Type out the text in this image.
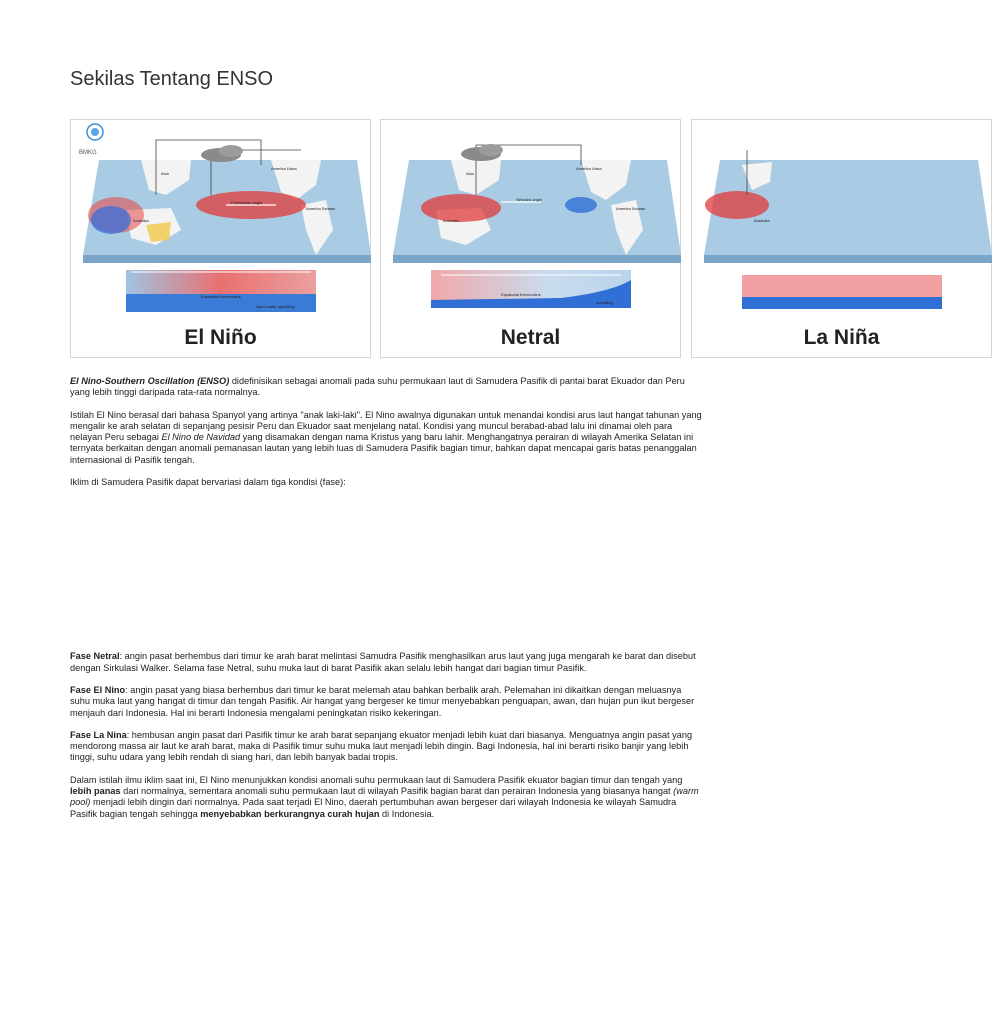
Sekilas Tentang ENSO
Australia
Amerika Selatan
Amerika Utara
Asia
Pelemahan angin
Equatorial thermocline
warm water upwelling
BMKG
El Niño
Australia
Amerika Selatan
Amerika Utara
Asia
Sirkulasi angin
Equatorial thermocline
upwelling
Netral
Australia
La Niña

El Nino-Southern Oscillation (ENSO) didefinisikan sebagai anomali pada suhu permukaan laut di Samudera Pasifik di pantai barat Ekuador dan Peru yang lebih tinggi daripada rata-rata normalnya.

Istilah El Nino berasal dari bahasa Spanyol yang artinya "anak laki-laki". El Nino awalnya digunakan untuk menandai kondisi arus laut hangat tahunan yang mengalir ke arah selatan di sepanjang pesisir Peru dan Ekuador saat menjelang natal. Kondisi yang muncul berabad-abad lalu ini dinamai oleh para nelayan Peru sebagai El Nino de Navidad yang disamakan dengan nama Kristus yang baru lahir. Menghangatnya perairan di wilayah Amerika Selatan ini ternyata berkaitan dengan anomali pemanasan lautan yang lebih luas di Samudera Pasifik bagian timur, bahkan dapat mencapai garis batas penanggalan internasional di Pasifik tengah.

Iklim di Samudera Pasifik dapat bervariasi dalam tiga kondisi (fase):

Fase Netral: angin pasat berhembus dari timur ke arah barat melintasi Samudra Pasifik menghasilkan arus laut yang juga mengarah ke barat dan disebut dengan Sirkulasi Walker. Selama fase Netral, suhu muka laut di barat Pasifik akan selalu lebih hangat dari bagian timur Pasifik.

Fase El Nino: angin pasat yang biasa berhembus dari timur ke barat melemah atau bahkan berbalik arah. Pelemahan ini dikaitkan dengan meluasnya suhu muka laut yang hangat di timur dan tengah Pasifik. Air hangat yang bergeser ke timur menyebabkan penguapan, awan, dan hujan pun ikut bergeser menjauh dari Indonesia. Hal ini berarti Indonesia mengalami peningkatan risiko kekeringan.

Fase La Nina: hembusan angin pasat dari Pasifik timur ke arah barat sepanjang ekuator menjadi lebih kuat dari biasanya. Menguatnya angin pasat yang mendorong massa air laut ke arah barat, maka di Pasifik timur suhu muka laut menjadi lebih dingin. Bagi Indonesia, hal ini berarti risiko banjir yang lebih tinggi, suhu udara yang lebih rendah di siang hari, dan lebih banyak badai tropis.

Dalam istilah ilmu iklim saat ini, El Nino menunjukkan kondisi anomali suhu permukaan laut di Samudera Pasifik ekuator bagian timur dan tengah yang lebih panas dari normalnya, sementara anomali suhu permukaan laut di wilayah Pasifik bagian barat dan perairan Indonesia yang biasanya hangat (warm pool) menjadi lebih dingin dari normalnya. Pada saat terjadi El Nino, daerah pertumbuhan awan bergeser dari wilayah Indonesia ke wilayah Samudra Pasifik bagian tengah sehingga menyebabkan berkurangnya curah hujan di Indonesia.
